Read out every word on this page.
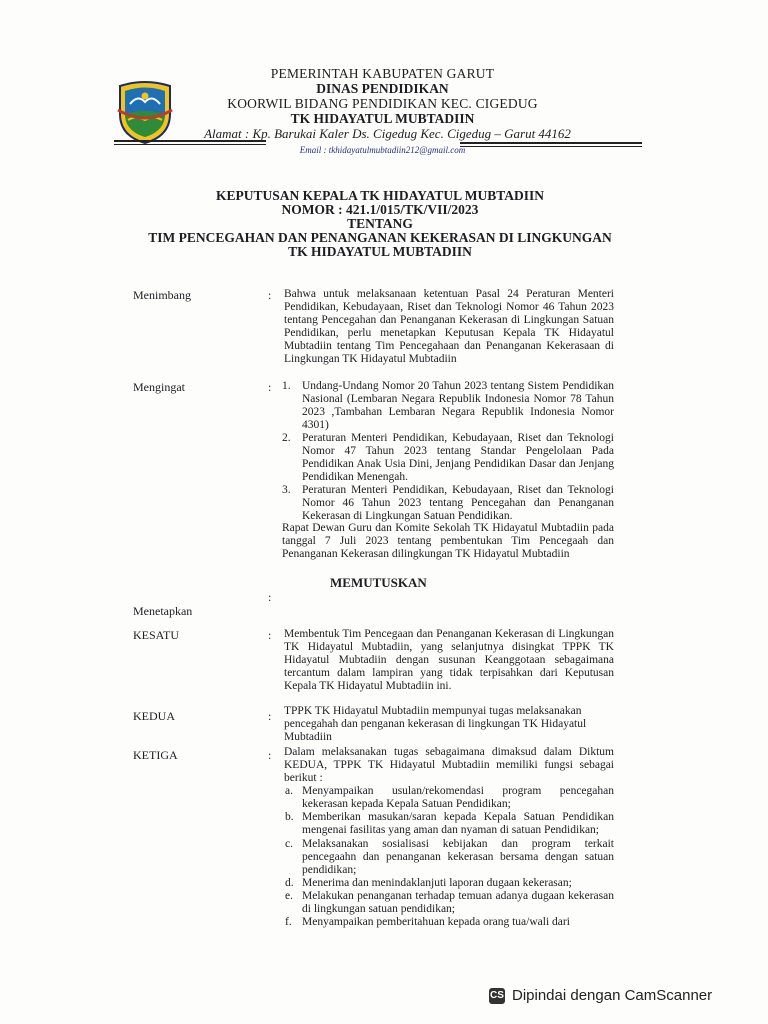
PEMERINTAH KABUPATEN GARUT
DINAS PENDIDIKAN
KOORWIL BIDANG PENDIDIKAN KEC. CIGEDUG
TK HIDAYATUL MUBTADIIN
Alamat : Kp. Barukai Kaler Ds. Cigedug Kec. Cigedug – Garut 44162
Email : tkhidayatulmubtadiin212@gmail.com
KEPUTUSAN KEPALA TK HIDAYATUL MUBTADIIN
NOMOR : 421.1/015/TK/VII/2023
TENTANG
TIM PENCEGAHAN DAN PENANGANAN KEKERASAN DI LINGKUNGAN
TK HIDAYATUL MUBTADIIN
Menimbang	: Bahwa untuk melaksanaan ketentuan Pasal 24 Peraturan Menteri Pendidikan, Kebudayaan, Riset dan Teknologi Nomor 46 Tahun 2023 tentang Pencegahan dan Penanganan Kekerasan di Lingkungan Satuan Pendidikan, perlu menetapkan Keputusan Kepala TK Hidayatul Mubtadiin tentang Tim Pencegahaan dan Penanganan Kekerasaan di Lingkungan TK Hidayatul Mubtadiin
Mengingat	: 1. Undang-Undang Nomor 20 Tahun 2023 tentang Sistem Pendidikan Nasional (Lembaran Negara Republik Indonesia Nomor 78 Tahun 2023 ,Tambahan Lembaran Negara Republik Indonesia Nomor 4301)
2. Peraturan Menteri Pendidikan, Kebudayaan, Riset dan Teknologi Nomor 47 Tahun 2023 tentang Standar Pengelolaan Pada Pendidikan Anak Usia Dini, Jenjang Pendidikan Dasar dan Jenjang Pendidikan Menengah.
3. Peraturan Menteri Pendidikan, Kebudayaan, Riset dan Teknologi Nomor 46 Tahun 2023 tentang Pencegahan dan Penanganan Kekerasan di Lingkungan Satuan Pendidikan.
Rapat Dewan Guru dan Komite Sekolah TK Hidayatul Mubtadiin pada tanggal 7 Juli 2023 tentang pembentukan Tim Pencegaah dan Penanganan Kekerasan dilingkungan TK Hidayatul Mubtadiin
MEMUTUSKAN
Menetapkan
:
KESATU	: Membentuk Tim Pencegaan dan Penanganan Kekerasan di Lingkungan TK Hidayatul Mubtadiin, yang selanjutnya disingkat TPPK TK Hidayatul Mubtadiin dengan susunan Keanggotaan sebagaimana tercantum dalam lampiran yang tidak terpisahkan dari Keputusan Kepala TK Hidayatul Mubtadiin ini.
KEDUA	: TPPK TK Hidayatul Mubtadiin mempunyai tugas melaksanakan pencegahah dan penganan kekerasan di lingkungan TK Hidayatul Mubtadiin
KETIGA	: Dalam melaksanakan tugas sebagaimana dimaksud dalam Diktum KEDUA, TPPK TK Hidayatul Mubtadiin memiliki fungsi sebagai berikut :
a. Menyampaikan usulan/rekomendasi program pencegahan kekerasan kepada Kepala Satuan Pendidikan;
b. Memberikan masukan/saran kepada Kepala Satuan Pendidikan mengenai fasilitas yang aman dan nyaman di satuan Pendidikan;
c. Melaksanakan sosialisasi kebijakan dan program terkait pencegaahn dan penanganan kekerasan bersama dengan satuan pendidikan;
d. Menerima dan menindaklanjuti laporan dugaan kekerasan;
e. Melakukan penanganan terhadap temuan adanya dugaan kekerasan di lingkungan satuan pendidikan;
f. Menyampaikan pemberitahuan kepada orang tua/wali dari
CS Dipindai dengan CamScanner
